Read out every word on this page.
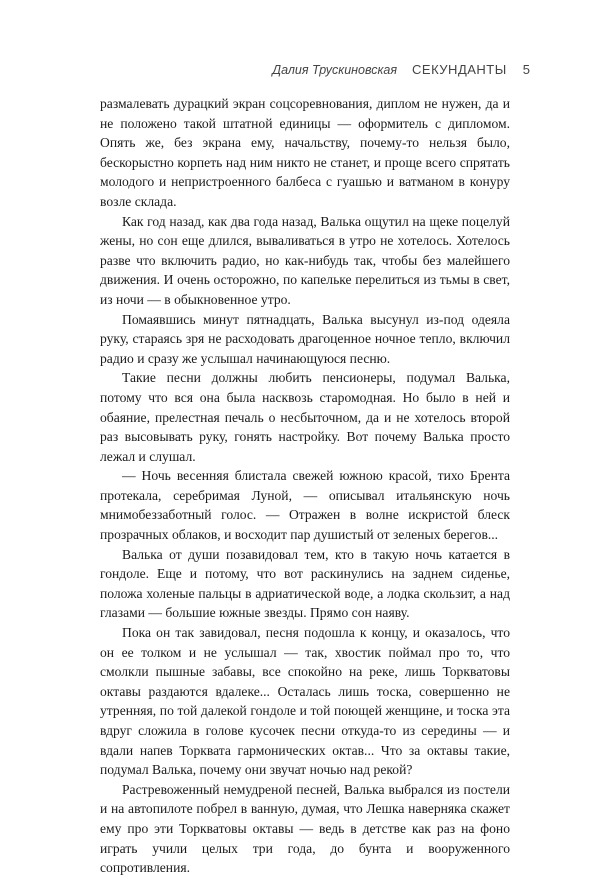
Далия Трускиновская СЕКУНДАНТЫ 5

размалевать дурацкий экран соцсоревнования, диплом не нужен, да и не положено такой штатной единицы — оформитель с дипломом. Опять же, без экрана ему, начальству, почему-то нельзя было, бескорыстно корпеть над ним никто не станет, и проще всего спрятать молодого и непристроенного балбеса с гуашью и ватманом в конуру возле склада.

Как год назад, как два года назад, Валька ощутил на щеке поцелуй жены, но сон еще длился, вываливаться в утро не хотелось. Хотелось разве что включить радио, но как-нибудь так, чтобы без малейшего движения. И очень осторожно, по капельке перелиться из тьмы в свет, из ночи — в обыкновенное утро.

Помаявшись минут пятнадцать, Валька высунул из-под одеяла руку, стараясь зря не расходовать драгоценное ночное тепло, включил радио и сразу же услышал начинающуюся песню.

Такие песни должны любить пенсионеры, подумал Валька, потому что вся она была насквозь старомодная. Но было в ней и обаяние, прелестная печаль о несбыточном, да и не хотелось второй раз высовывать руку, гонять настройку. Вот почему Валька просто лежал и слушал.

— Ночь весенняя блистала свежей южною красой, тихо Брента протекала, серебримая Луной, — описывал итальянскую ночь мнимобеззаботный голос. — Отражен в волне искристой блеск прозрачных облаков, и восходит пар душистый от зеленых берегов...

Валька от души позавидовал тем, кто в такую ночь катается в гондоле. Еще и потому, что вот раскинулись на заднем сиденье, положа холеные пальцы в адриатической воде, а лодка скользит, а над глазами — большие южные звезды. Прямо сон наяву.

Пока он так завидовал, песня подошла к концу, и оказалось, что он ее толком и не услышал — так, хвостик поймал про то, что смолкли пышные забавы, все спокойно на реке, лишь Торкватовы октавы раздаются вдалеке... Осталась лишь тоска, совершенно не утренняя, по той далекой гондоле и той поющей женщине, и тоска эта вдруг сложила в голове кусочек песни откуда-то из середины — и вдали напев Торквата гармонических октав... Что за октавы такие, подумал Валька, почему они звучат ночью над рекой?

Растревоженный немудреной песней, Валька выбрался из постели и на автопилоте побрел в ванную, думая, что Лешка наверняка скажет ему про эти Торкватовы октавы — ведь в детстве как раз на фоно играть учили целых три года, до бунта и вооруженного сопротивления.
